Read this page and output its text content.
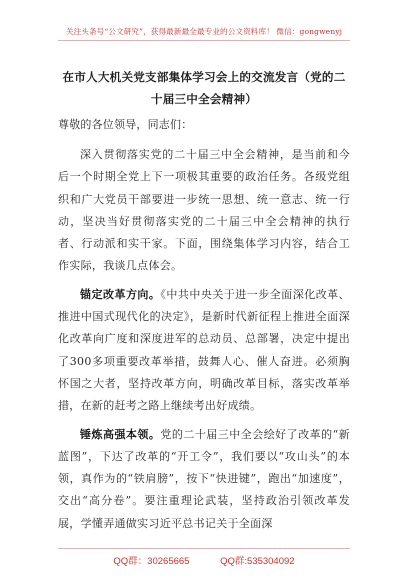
关注头条号“公文研究”，获得最新最全最专业的公文资料库！ 微信：gongwenyj
在市人大机关党支部集体学习会上的交流发言（党的二十届三中全会精神）

尊敬的各位领导，同志们：

深入贯彻落实党的二十届三中全会精神，是当前和今后一个时期全党上下一项极其重要的政治任务。各级党组织和广大党员干部要进一步统一思想、统一意志、统一行动，坚决当好贯彻落实党的二十届三中全会精神的执行者、行动派和实干家。下面，围绕集体学习内容，结合工作实际，我谈几点体会。

锚定改革方向。《中共中央关于进一步全面深化改革、推进中国式现代化的决定》，是新时代新征程上推进全面深化改革向广度和深度进军的总动员、总部署，决定中提出了300多项重要改革举措，鼓舞人心、催人奋进。必须胸怀国之大者，坚持改革方向，明确改革目标，落实改革举措，在新的赶考之路上继续考出好成绩。

锤炼高强本领。党的二十届三中全会绘好了改革的“新蓝图”，下达了改革的“开工令”，我们要以“攻山头”的本领，真作为的“铁肩膀”，按下“快进键”，跑出“加速度”，交出“高分卷”。要注重理论武装，坚持政治引领改革发展，学懂弄通做实习近平总书记关于全面深

QQ群：30265665	QQ群:535304092
